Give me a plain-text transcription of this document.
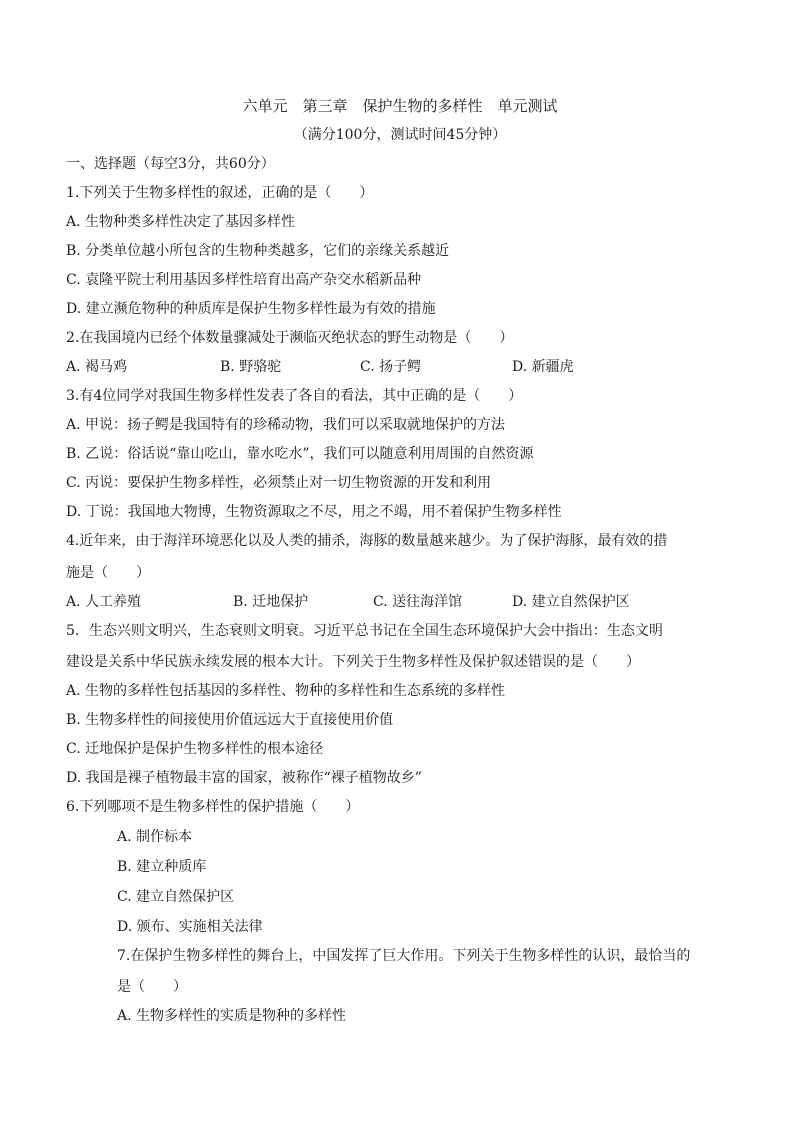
六单元　第三章　保护生物的多样性　单元测试
（满分100分，测试时间45分钟）
一、选择题（每空3分，共60分）
1.下列关于生物多样性的叙述，正确的是（　　）
A. 生物种类多样性决定了基因多样性
B. 分类单位越小所包含的生物种类越多，它们的亲缘关系越近
C. 袁隆平院士利用基因多样性培育出高产杂交水稻新品种
D. 建立濒危物种的种质库是保护生物多样性最为有效的措施
2.在我国境内已经个体数量骤减处于濒临灭绝状态的野生动物是（　　）
A. 褐马鸡	B. 野骆驼	C. 扬子鳄	D. 新疆虎
3.有4位同学对我国生物多样性发表了各自的看法，其中正确的是（　　）
A. 甲说：扬子鳄是我国特有的珍稀动物，我们可以采取就地保护的方法
B. 乙说：俗话说“靠山吃山，靠水吃水”，我们可以随意利用周围的自然资源
C. 丙说：要保护生物多样性，必须禁止对一切生物资源的开发和利用
D. 丁说：我国地大物博，生物资源取之不尽，用之不竭，用不着保护生物多样性
4.近年来，由于海洋环境恶化以及人类的捕杀，海豚的数量越来越少。为了保护海豚，最有效的措
施是（　　）
A. 人工养殖	B. 迁地保护	C. 送往海洋馆	D. 建立自然保护区
5．生态兴则文明兴，生态衰则文明衰。习近平总书记在全国生态环境保护大会中指出：生态文明
建设是关系中华民族永续发展的根本大计。下列关于生物多样性及保护叙述错误的是（　　）
A. 生物的多样性包括基因的多样性、物种的多样性和生态系统的多样性
B. 生物多样性的间接使用价值远远大于直接使用价值
C. 迁地保护是保护生物多样性的根本途径
D. 我国是裸子植物最丰富的国家，被称作“裸子植物故乡”
6.下列哪项不是生物多样性的保护措施（　　）
A. 制作标本
B. 建立种质库
C. 建立自然保护区
D. 颁布、实施相关法律
7.在保护生物多样性的舞台上，中国发挥了巨大作用。下列关于生物多样性的认识，最恰当的
是（　　）
A. 生物多样性的实质是物种的多样性
